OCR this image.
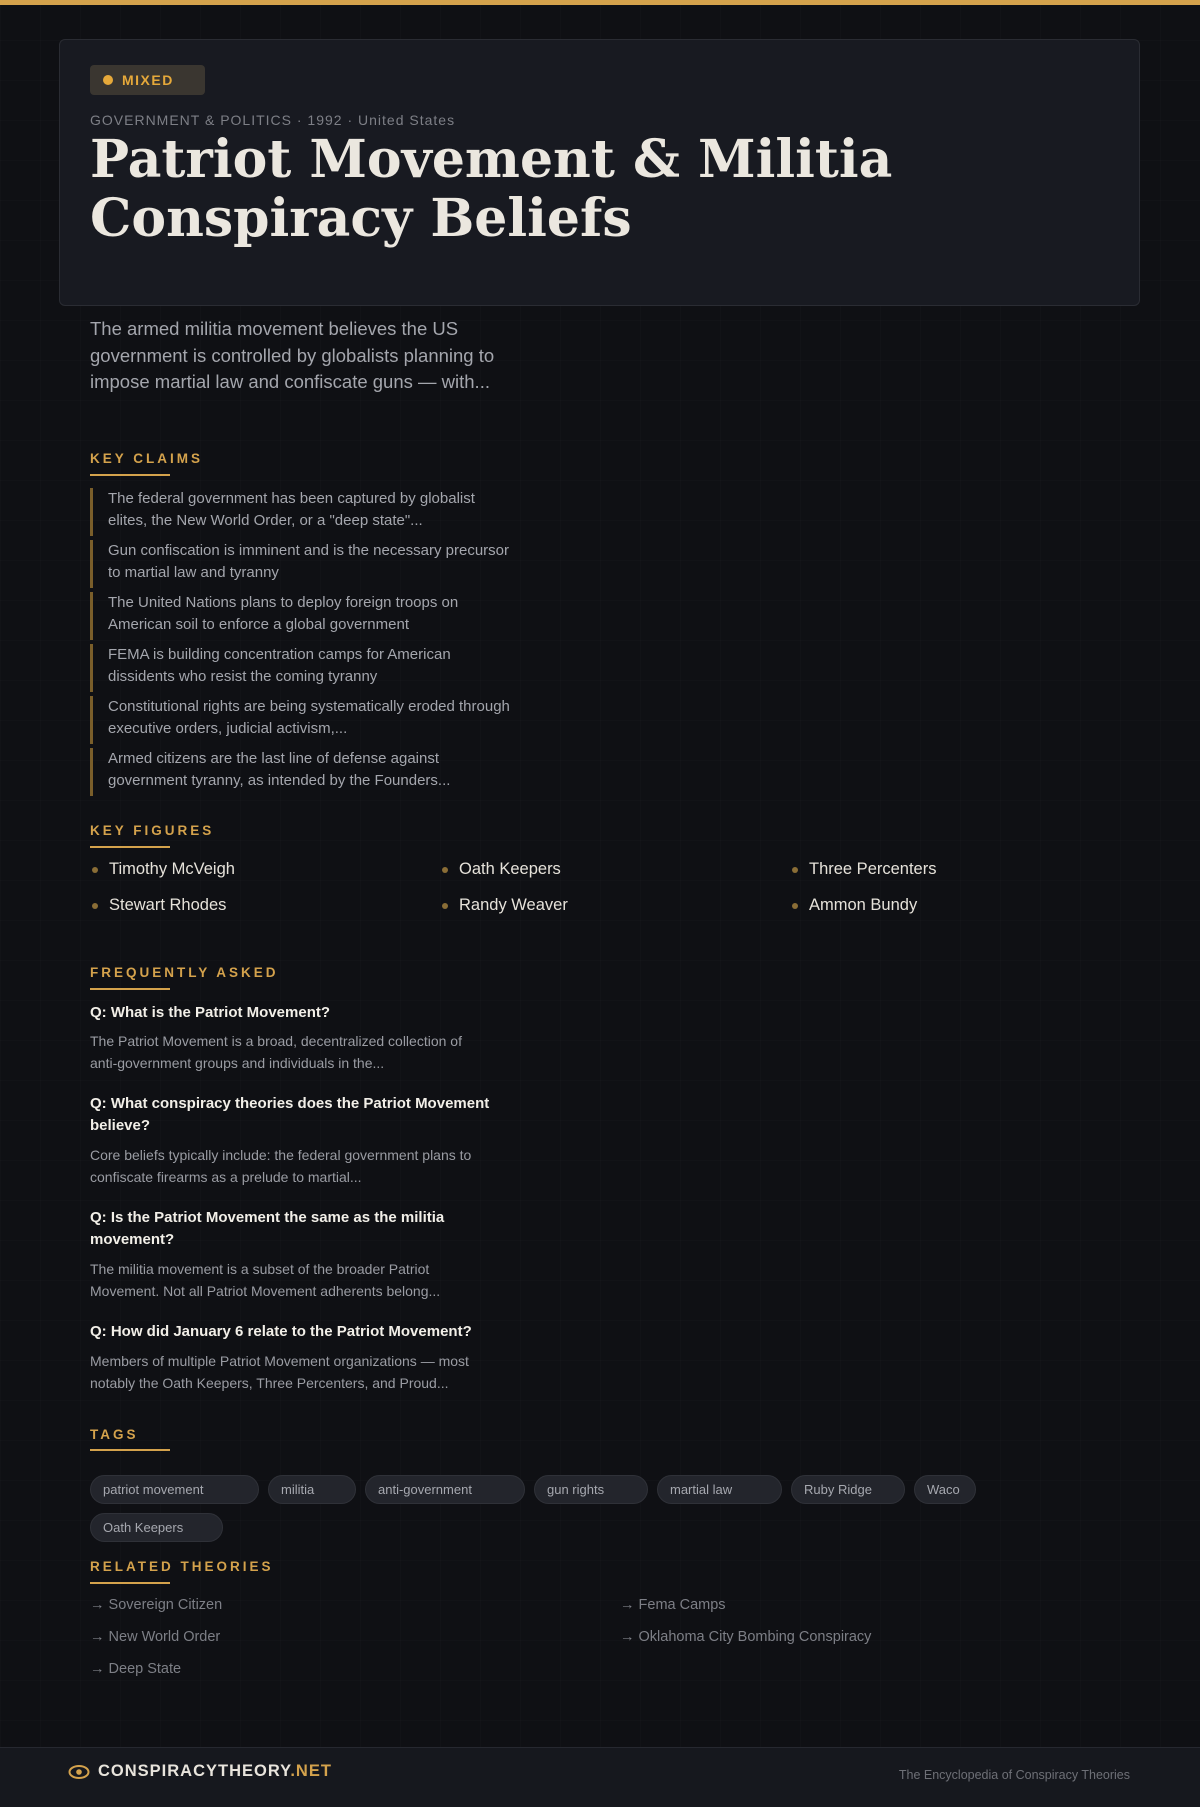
MIXED
GOVERNMENT & POLITICS · 1992 · United States
Patriot Movement & Militia Conspiracy Beliefs

The armed militia movement believes the US government is controlled by globalists planning to impose martial law and confiscate guns — with...

KEY CLAIMS
The federal government has been captured by globalist elites, the New World Order, or a "deep state"...
Gun confiscation is imminent and is the necessary precursor to martial law and tyranny
The United Nations plans to deploy foreign troops on American soil to enforce a global government
FEMA is building concentration camps for American dissidents who resist the coming tyranny
Constitutional rights are being systematically eroded through executive orders, judicial activism,...
Armed citizens are the last line of defense against government tyranny, as intended by the Founders...
KEY FIGURES
Timothy McVeigh	Oath Keepers	Three Percenters
Stewart Rhodes	Randy Weaver	Ammon Bundy
FREQUENTLY ASKED
Q: What is the Patriot Movement?
The Patriot Movement is a broad, decentralized collection of anti-government groups and individuals in the...
Q: What conspiracy theories does the Patriot Movement believe?
Core beliefs typically include: the federal government plans to confiscate firearms as a prelude to martial...
Q: Is the Patriot Movement the same as the militia movement?
The militia movement is a subset of the broader Patriot Movement. Not all Patriot Movement adherents belong...
Q: How did January 6 relate to the Patriot Movement?
Members of multiple Patriot Movement organizations — most notably the Oath Keepers, Three Percenters, and Proud...
TAGS
patriot movement	militia	anti-government	gun rights	martial law	Ruby Ridge	Waco
Oath Keepers
RELATED THEORIES
→ Sovereign Citizen	→ Fema Camps
→ New World Order	→ Oklahoma City Bombing Conspiracy
→ Deep State
CONSPIRACYTHEORY.NET	The Encyclopedia of Conspiracy Theories
